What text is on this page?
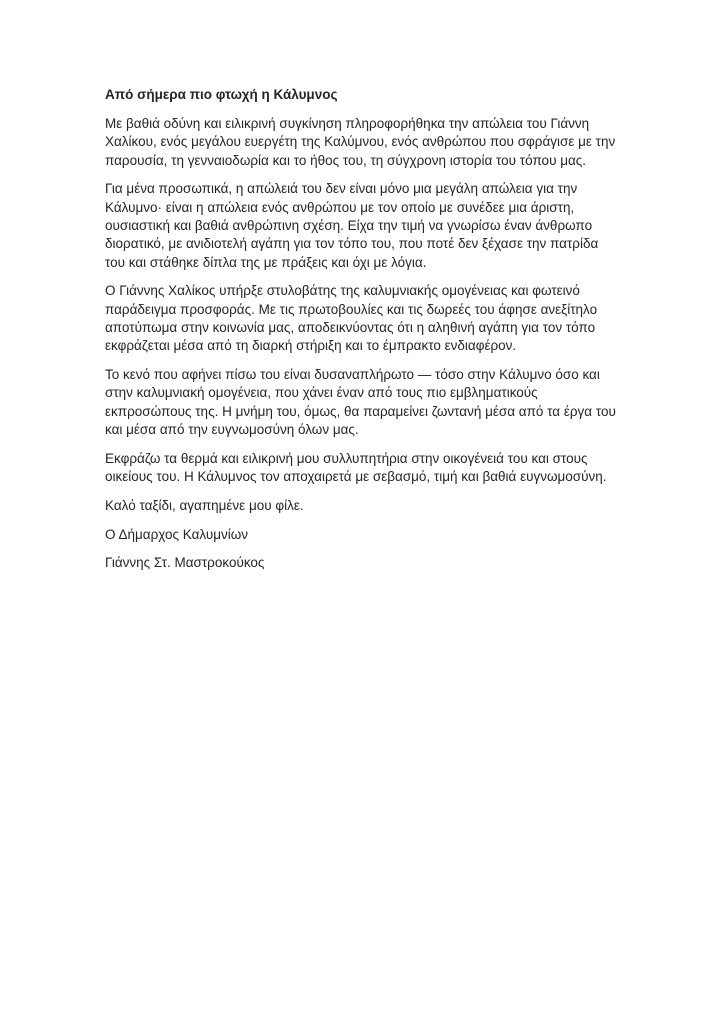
Από σήμερα πιο φτωχή η Κάλυμνος

Με βαθιά οδύνη και ειλικρινή συγκίνηση πληροφορήθηκα την απώλεια του Γιάννη Χαλίκου, ενός μεγάλου ευεργέτη της Καλύμνου, ενός ανθρώπου που σφράγισε με την παρουσία, τη γενναιοδωρία και το ήθος του, τη σύγχρονη ιστορία του τόπου μας.

Για μένα προσωπικά, η απώλειά του δεν είναι μόνο μια μεγάλη απώλεια για την Κάλυμνο· είναι η απώλεια ενός ανθρώπου με τον οποίο με συνέδεε μια άριστη, ουσιαστική και βαθιά ανθρώπινη σχέση. Είχα την τιμή να γνωρίσω έναν άνθρωπο διορατικό, με ανιδιοτελή αγάπη για τον τόπο του, που ποτέ δεν ξέχασε την πατρίδα του και στάθηκε δίπλα της με πράξεις και όχι με λόγια.

Ο Γιάννης Χαλίκος υπήρξε στυλοβάτης της καλυμνιακής ομογένειας και φωτεινό παράδειγμα προσφοράς. Με τις πρωτοβουλίες και τις δωρεές του άφησε ανεξίτηλο αποτύπωμα στην κοινωνία μας, αποδεικνύοντας ότι η αληθινή αγάπη για τον τόπο εκφράζεται μέσα από τη διαρκή στήριξη και το έμπρακτο ενδιαφέρον.

Το κενό που αφήνει πίσω του είναι δυσαναπλήρωτο — τόσο στην Κάλυμνο όσο και στην καλυμνιακή ομογένεια, που χάνει έναν από τους πιο εμβληματικούς εκπροσώπους της. Η μνήμη του, όμως, θα παραμείνει ζωντανή μέσα από τα έργα του και μέσα από την ευγνωμοσύνη όλων μας.

Εκφράζω τα θερμά και ειλικρινή μου συλλυπητήρια στην οικογένειά του και στους οικείους του. Η Κάλυμνος τον αποχαιρετά με σεβασμό, τιμή και βαθιά ευγνωμοσύνη.

Καλό ταξίδι, αγαπημένε μου φίλε.

Ο Δήμαρχος Καλυμνίων

Γιάννης Στ. Μαστροκούκος
